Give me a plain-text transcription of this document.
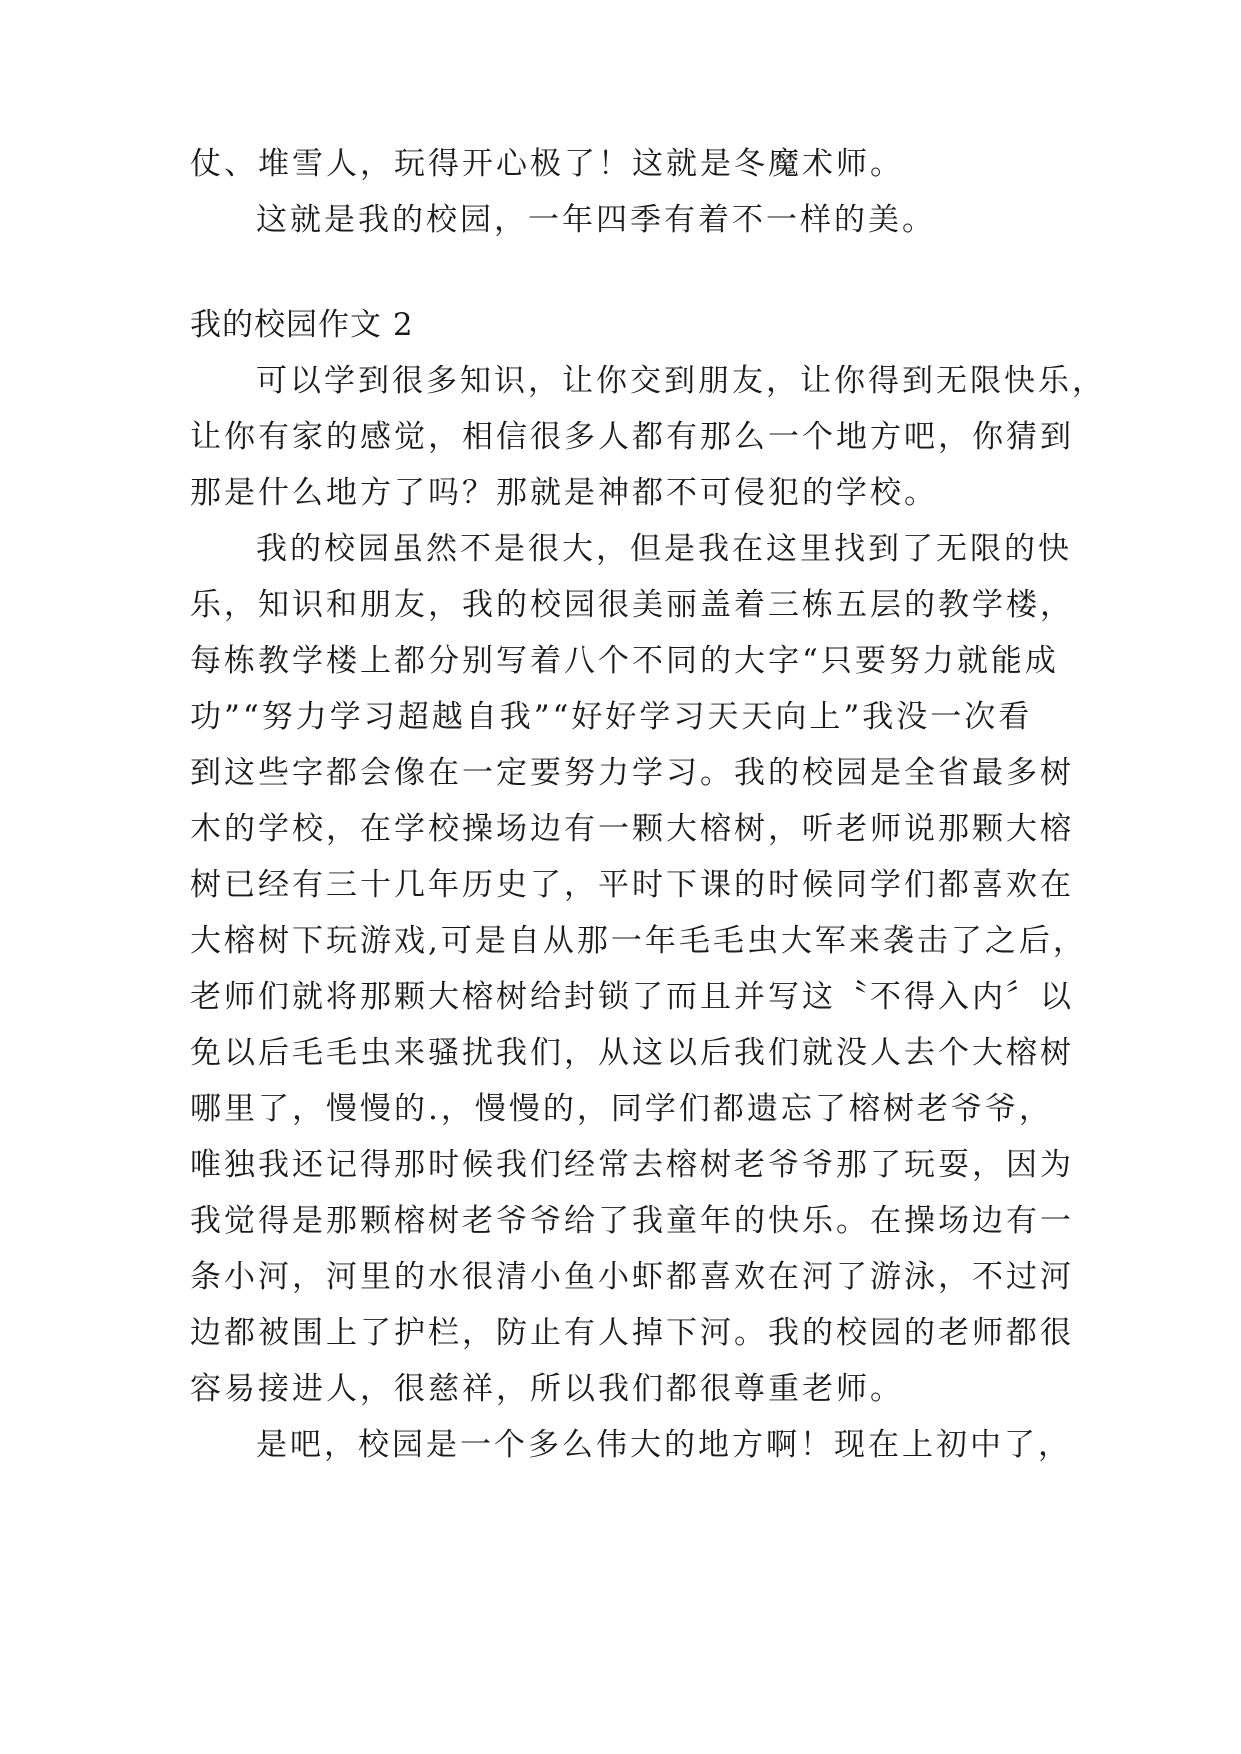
仗、堆雪人，玩得开心极了！这就是冬魔术师。
这就是我的校园，一年四季有着不一样的美。
我的校园作文 2
可以学到很多知识，让你交到朋友，让你得到无限快乐，
让你有家的感觉，相信很多人都有那么一个地方吧，你猜到
那是什么地方了吗？那就是神都不可侵犯的学校。
我的校园虽然不是很大，但是我在这里找到了无限的快
乐，知识和朋友，我的校园很美丽盖着三栋五层的教学楼，
每栋教学楼上都分别写着八个不同的大字“只要努力就能成
功”“努力学习超越自我”“好好学习天天向上”我没一次看
到这些字都会像在一定要努力学习。我的校园是全省最多树
木的学校，在学校操场边有一颗大榕树，听老师说那颗大榕
树已经有三十几年历史了，平时下课的时候同学们都喜欢在
大榕树下玩游戏,可是自从那一年毛毛虫大军来袭击了之后，
老师们就将那颗大榕树给封锁了而且并写这〝不得入内〞以
免以后毛毛虫来骚扰我们，从这以后我们就没人去个大榕树
哪里了，慢慢的.，慢慢的，同学们都遗忘了榕树老爷爷，
唯独我还记得那时候我们经常去榕树老爷爷那了玩耍，因为
我觉得是那颗榕树老爷爷给了我童年的快乐。在操场边有一
条小河，河里的水很清小鱼小虾都喜欢在河了游泳，不过河
边都被围上了护栏，防止有人掉下河。我的校园的老师都很
容易接进人，很慈祥，所以我们都很尊重老师。
是吧，校园是一个多么伟大的地方啊！现在上初中了，
